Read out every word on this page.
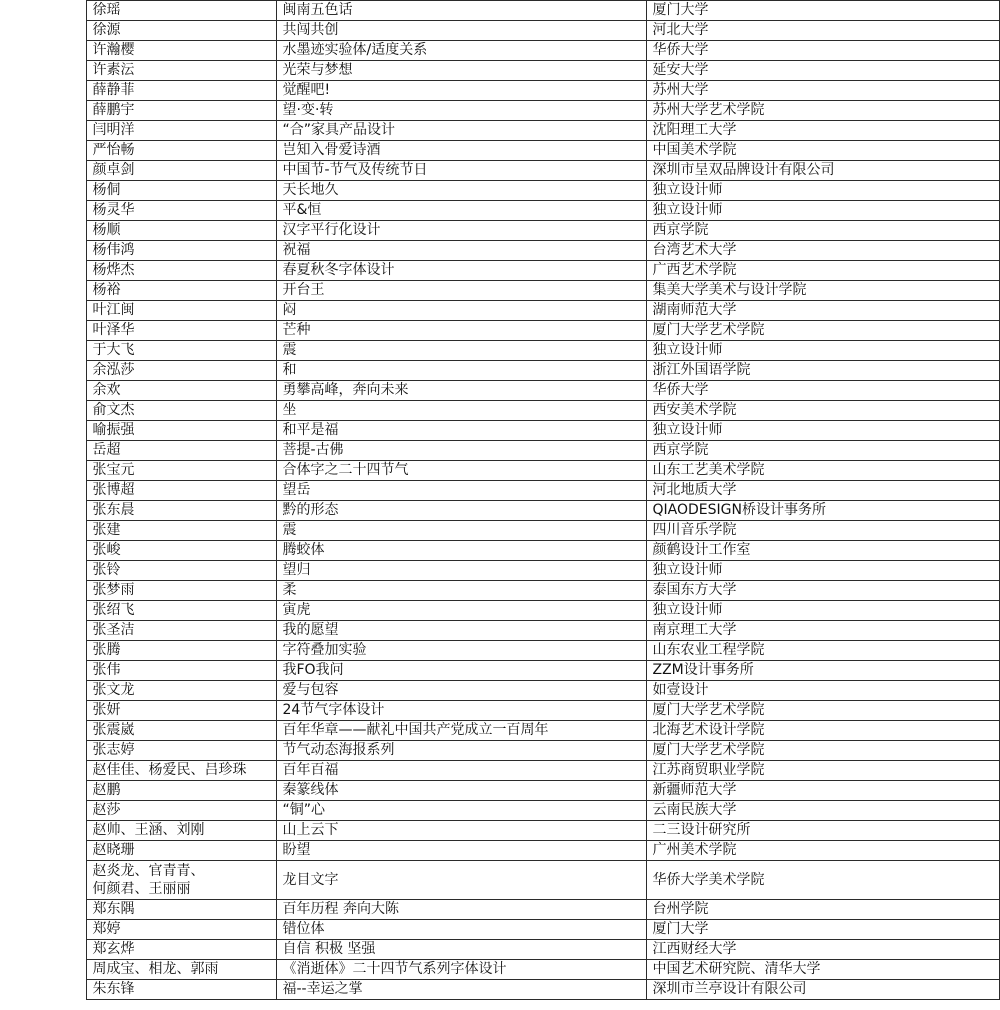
	徐瑶	闽南五色话	厦门大学
	徐源	共闯共创	河北大学
	许瀚樱	水墨迹实验体/适度关系	华侨大学
	许素沄	光荣与梦想	延安大学
	薛静菲	觉醒吧!	苏州大学
	薛鹏宇	望·变·转	苏州大学艺术学院
	闫明洋	“合”家具产品设计	沈阳理工大学
	严怡畅	岂知入骨爱诗酒	中国美术学院
	颜卓剑	中国节-节气及传统节日	深圳市呈双品牌设计有限公司
	杨侗	天长地久	独立设计师
	杨灵华	平&恒	独立设计师
	杨顺	汉字平行化设计	西京学院
	杨伟鸿	祝福	台湾艺术大学
	杨烨杰	春夏秋冬字体设计	广西艺术学院
	杨裕	开台王	集美大学美术与设计学院
	叶江闽	闷	湖南师范大学
	叶泽华	芒种	厦门大学艺术学院
	于大飞	震	独立设计师
	余泓莎	和	浙江外国语学院
	余欢	勇攀高峰，奔向未来	华侨大学
	俞文杰	坐	西安美术学院
	喻振强	和平是福	独立设计师
	岳超	菩提-古佛	西京学院
	张宝元	合体字之二十四节气	山东工艺美术学院
	张博超	望岳	河北地质大学
	张东晨	黔的形态	QIAODESIGN桥设计事务所
	张建	震	四川音乐学院
	张峻	腾蛟体	颜鹤设计工作室
	张铃	望归	独立设计师
	张梦雨	柔	泰国东方大学
	张绍飞	寅虎	独立设计师
	张圣洁	我的愿望	南京理工大学
	张腾	字符叠加实验	山东农业工程学院
	张伟	我FO我问	ZZM设计事务所
	张文龙	爱与包容	如壹设计
	张妍	24节气字体设计	厦门大学艺术学院
	张震崴	百年华章——献礼中国共产党成立一百周年	北海艺术设计学院
	张志婷	节气动态海报系列	厦门大学艺术学院
	赵佳佳、杨爱民、吕珍珠	百年百福	江苏商贸职业学院
	赵鹏	秦篆线体	新疆师范大学
	赵莎	“铜”心	云南民族大学
	赵帅、王涵、刘刚	山上云下	二三设计研究所
	赵晓珊	盼望	广州美术学院
	赵炎龙、官青青、
何颜君、王丽丽	龙目文字	华侨大学美术学院
	郑东隅	百年历程 奔向大陈	台州学院
	郑婷	错位体	厦门大学
	郑玄烨	自信 积极 坚强	江西财经大学
	周成宝、相龙、郭雨	《消逝体》二十四节气系列字体设计	中国艺术研究院、清华大学
	朱东锋	福--幸运之掌	深圳市兰亭设计有限公司
